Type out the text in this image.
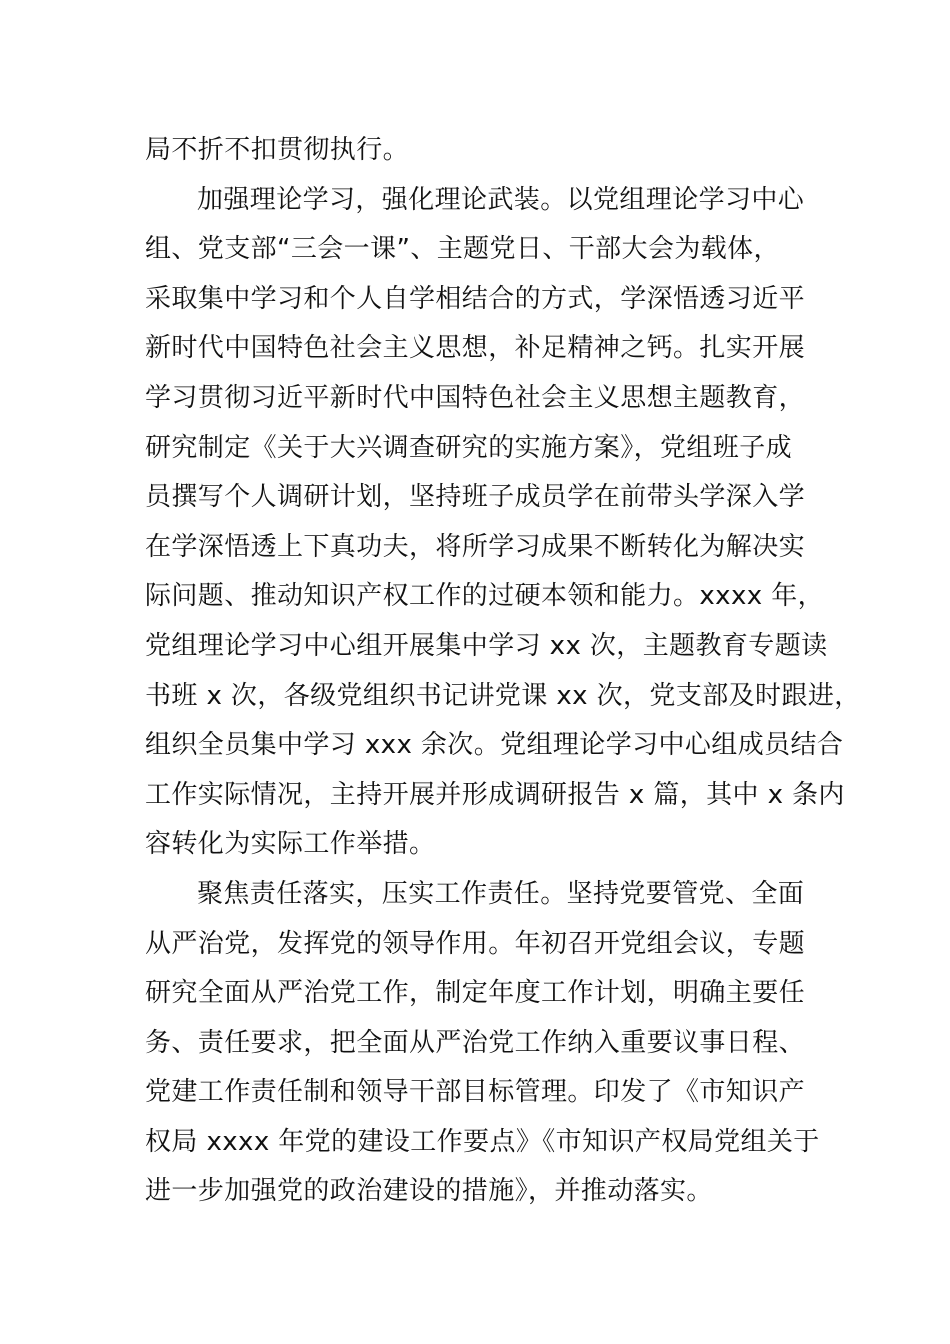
局不折不扣贯彻执行。
加强理论学习，强化理论武装。以党组理论学习中心
组、党支部“三会一课”、主题党日、干部大会为载体，
采取集中学习和个人自学相结合的方式，学深悟透习近平
新时代中国特色社会主义思想，补足精神之钙。扎实开展
学习贯彻习近平新时代中国特色社会主义思想主题教育，
研究制定《关于大兴调查研究的实施方案》，党组班子成
员撰写个人调研计划，坚持班子成员学在前带头学深入学
在学深悟透上下真功夫，将所学习成果不断转化为解决实
际问题、推动知识产权工作的过硬本领和能力。xxxx 年，
党组理论学习中心组开展集中学习 xx 次，主题教育专题读
书班 x 次，各级党组织书记讲党课 xx 次，党支部及时跟进，
组织全员集中学习 xxx 余次。党组理论学习中心组成员结合
工作实际情况，主持开展并形成调研报告 x 篇，其中 x 条内
容转化为实际工作举措。
聚焦责任落实，压实工作责任。坚持党要管党、全面
从严治党，发挥党的领导作用。年初召开党组会议，专题
研究全面从严治党工作，制定年度工作计划，明确主要任
务、责任要求，把全面从严治党工作纳入重要议事日程、
党建工作责任制和领导干部目标管理。印发了《市知识产
权局 xxxx 年党的建设工作要点》《市知识产权局党组关于
进一步加强党的政治建设的措施》，并推动落实。
